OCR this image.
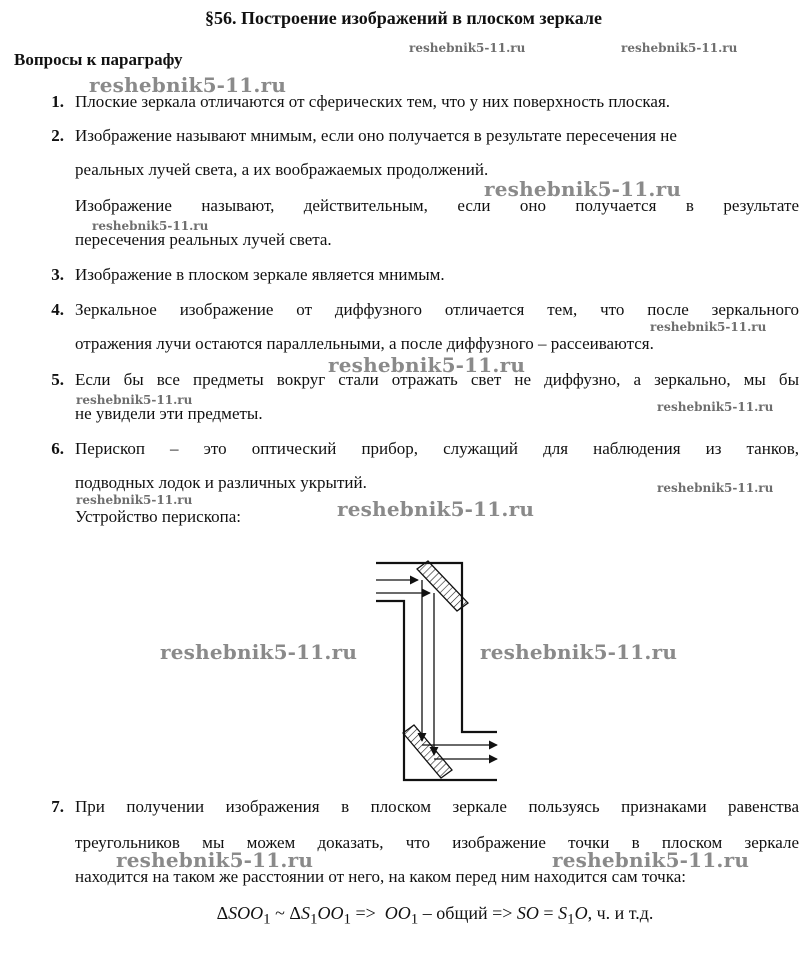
§56. Построение изображений в плоском зеркале
Вопросы к параграфу
1. Плоские зеркала отличаются от сферических тем, что у них поверхность плоская.
2. Изображение называют мнимым, если оно получается в результате пересечения не
реальных лучей света, а их воображаемых продолжений.
Изображение называют, действительным, если оно получается в результате
пересечения реальных лучей света.
3. Изображение в плоском зеркале является мнимым.
4. Зеркальное изображение от диффузного отличается тем, что после зеркального
отражения лучи остаются параллельными, а после диффузного – рассеиваются.
5. Если бы все предметы вокруг стали отражать свет не диффузно, а зеркально, мы бы
не увидели эти предметы.
6. Перископ – это оптический прибор, служащий для наблюдения из танков,
подводных лодок и различных укрытий.
Устройство перископа:
7. При получении изображения в плоском зеркале пользуясь признаками равенства
треугольников мы можем доказать, что изображение точки в плоском зеркале
находится на таком же расстоянии от него, на каком перед ним находится сам точка:
$\Delta SOO_1$ ~ $\Delta S_1OO_1 => OO_1$ – общий => SO = $S_1O$, ч. и т.д.
reshebnik5-11.ru	reshebnik5-11.ru
reshebnik5-11.ru
reshebnik5-11.ru
reshebnik5-11.ru
reshebnik5-11.ru
reshebnik5-11.ru
reshebnik5-11.ru	reshebnik5-11.ru
reshebnik5-11.ru
reshebnik5-11.ru	reshebnik5-11.ru
reshebnik5-11.ru	reshebnik5-11.ru
reshebnik5-11.ru	reshebnik5-11.ru
